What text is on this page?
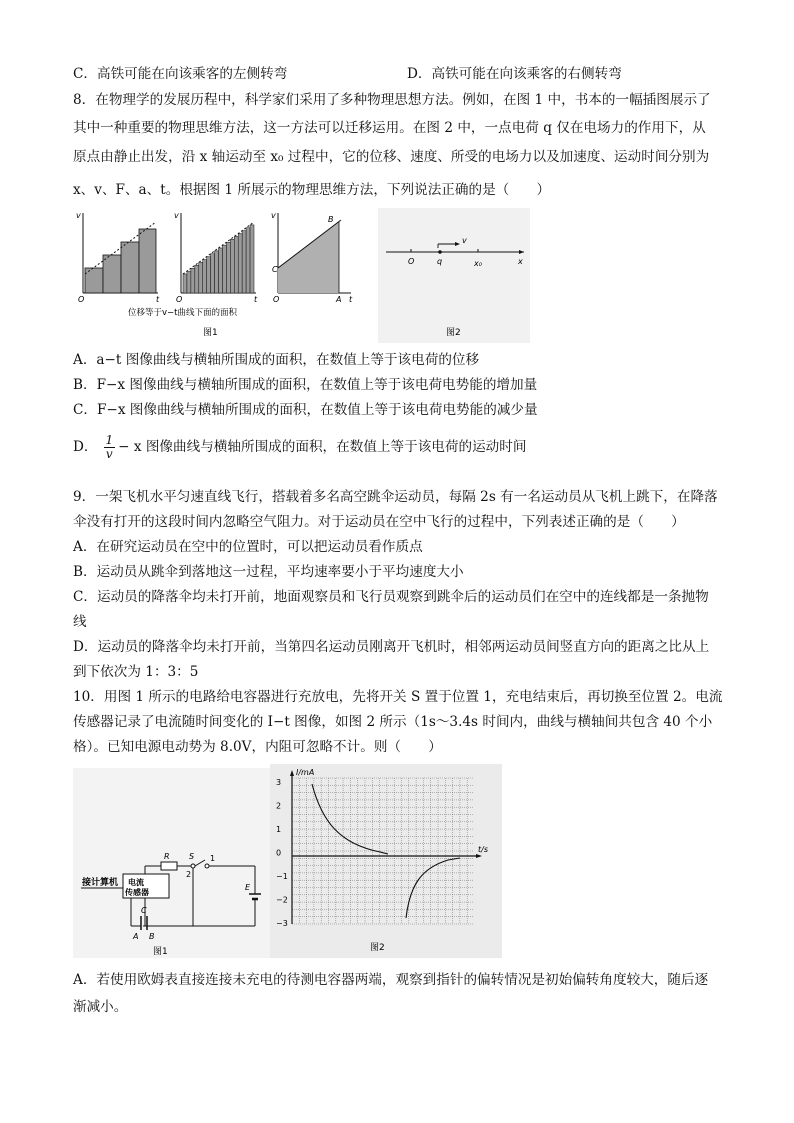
C．高铁可能在向该乘客的左侧转弯	D．高铁可能在向该乘客的右侧转弯
8．在物理学的发展历程中，科学家们采用了多种物理思想方法。例如，在图 1 中，书本的一幅插图展示了
其中一种重要的物理思维方法，这一方法可以迁移运用。在图 2 中，一点电荷 q 仅在电场力的作用下，从
原点由静止出发，沿 x 轴运动至 x₀ 过程中，它的位移、速度、所受的电场力以及加速度、运动时间分别为
x、v、F、a、t。根据图 1 所展示的物理思维方法，下列说法正确的是（　　）
v
O	t
v
O	t
v
C
B
O	A t
位移等于v−t曲线下面的面积
图1
v
O	q	x₀	x
图2
A．a−t 图像曲线与横轴所围成的面积，在数值上等于该电荷的位移
B．F−x 图像曲线与横轴所围成的面积，在数值上等于该电荷电势能的增加量
C．F−x 图像曲线与横轴所围成的面积，在数值上等于该电荷电势能的减少量
D． $\frac{1}{v} - x$ 图像曲线与横轴所围成的面积，在数值上等于该电荷的运动时间
9．一架飞机水平匀速直线飞行，搭载着多名高空跳伞运动员，每隔 2s 有一名运动员从飞机上跳下，在降落
伞没有打开的这段时间内忽略空气阻力。对于运动员在空中飞行的过程中，下列表述正确的是（　　）
A．在研究运动员在空中的位置时，可以把运动员看作质点
B．运动员从跳伞到落地这一过程，平均速率要小于平均速度大小
C．运动员的降落伞均未打开前，地面观察员和飞行员观察到跳伞后的运动员们在空中的连线都是一条抛物
线
D．运动员的降落伞均未打开前，当第四名运动员刚离开飞机时，相邻两运动员间竖直方向的距离之比从上
到下依次为 1：3：5
10．用图 1 所示的电路给电容器进行充放电，先将开关 S 置于位置 1，充电结束后，再切换至位置 2。电流
传感器记录了电流随时间变化的 I−t 图像，如图 2 所示（1s～3.4s 时间内，曲线与横轴间共包含 40 个小
格）。已知电源电动势为 8.0V，内阻可忽略不计。则（　　）
接计算机 电流
传感器
R S 1
2
C
A B
E
图1
I/mA
t/s
3
2
1
0
−1
−2
−3
图2
A．若使用欧姆表直接连接未充电的待测电容器两端，观察到指针的偏转情况是初始偏转角度较大，随后逐
渐减小。
